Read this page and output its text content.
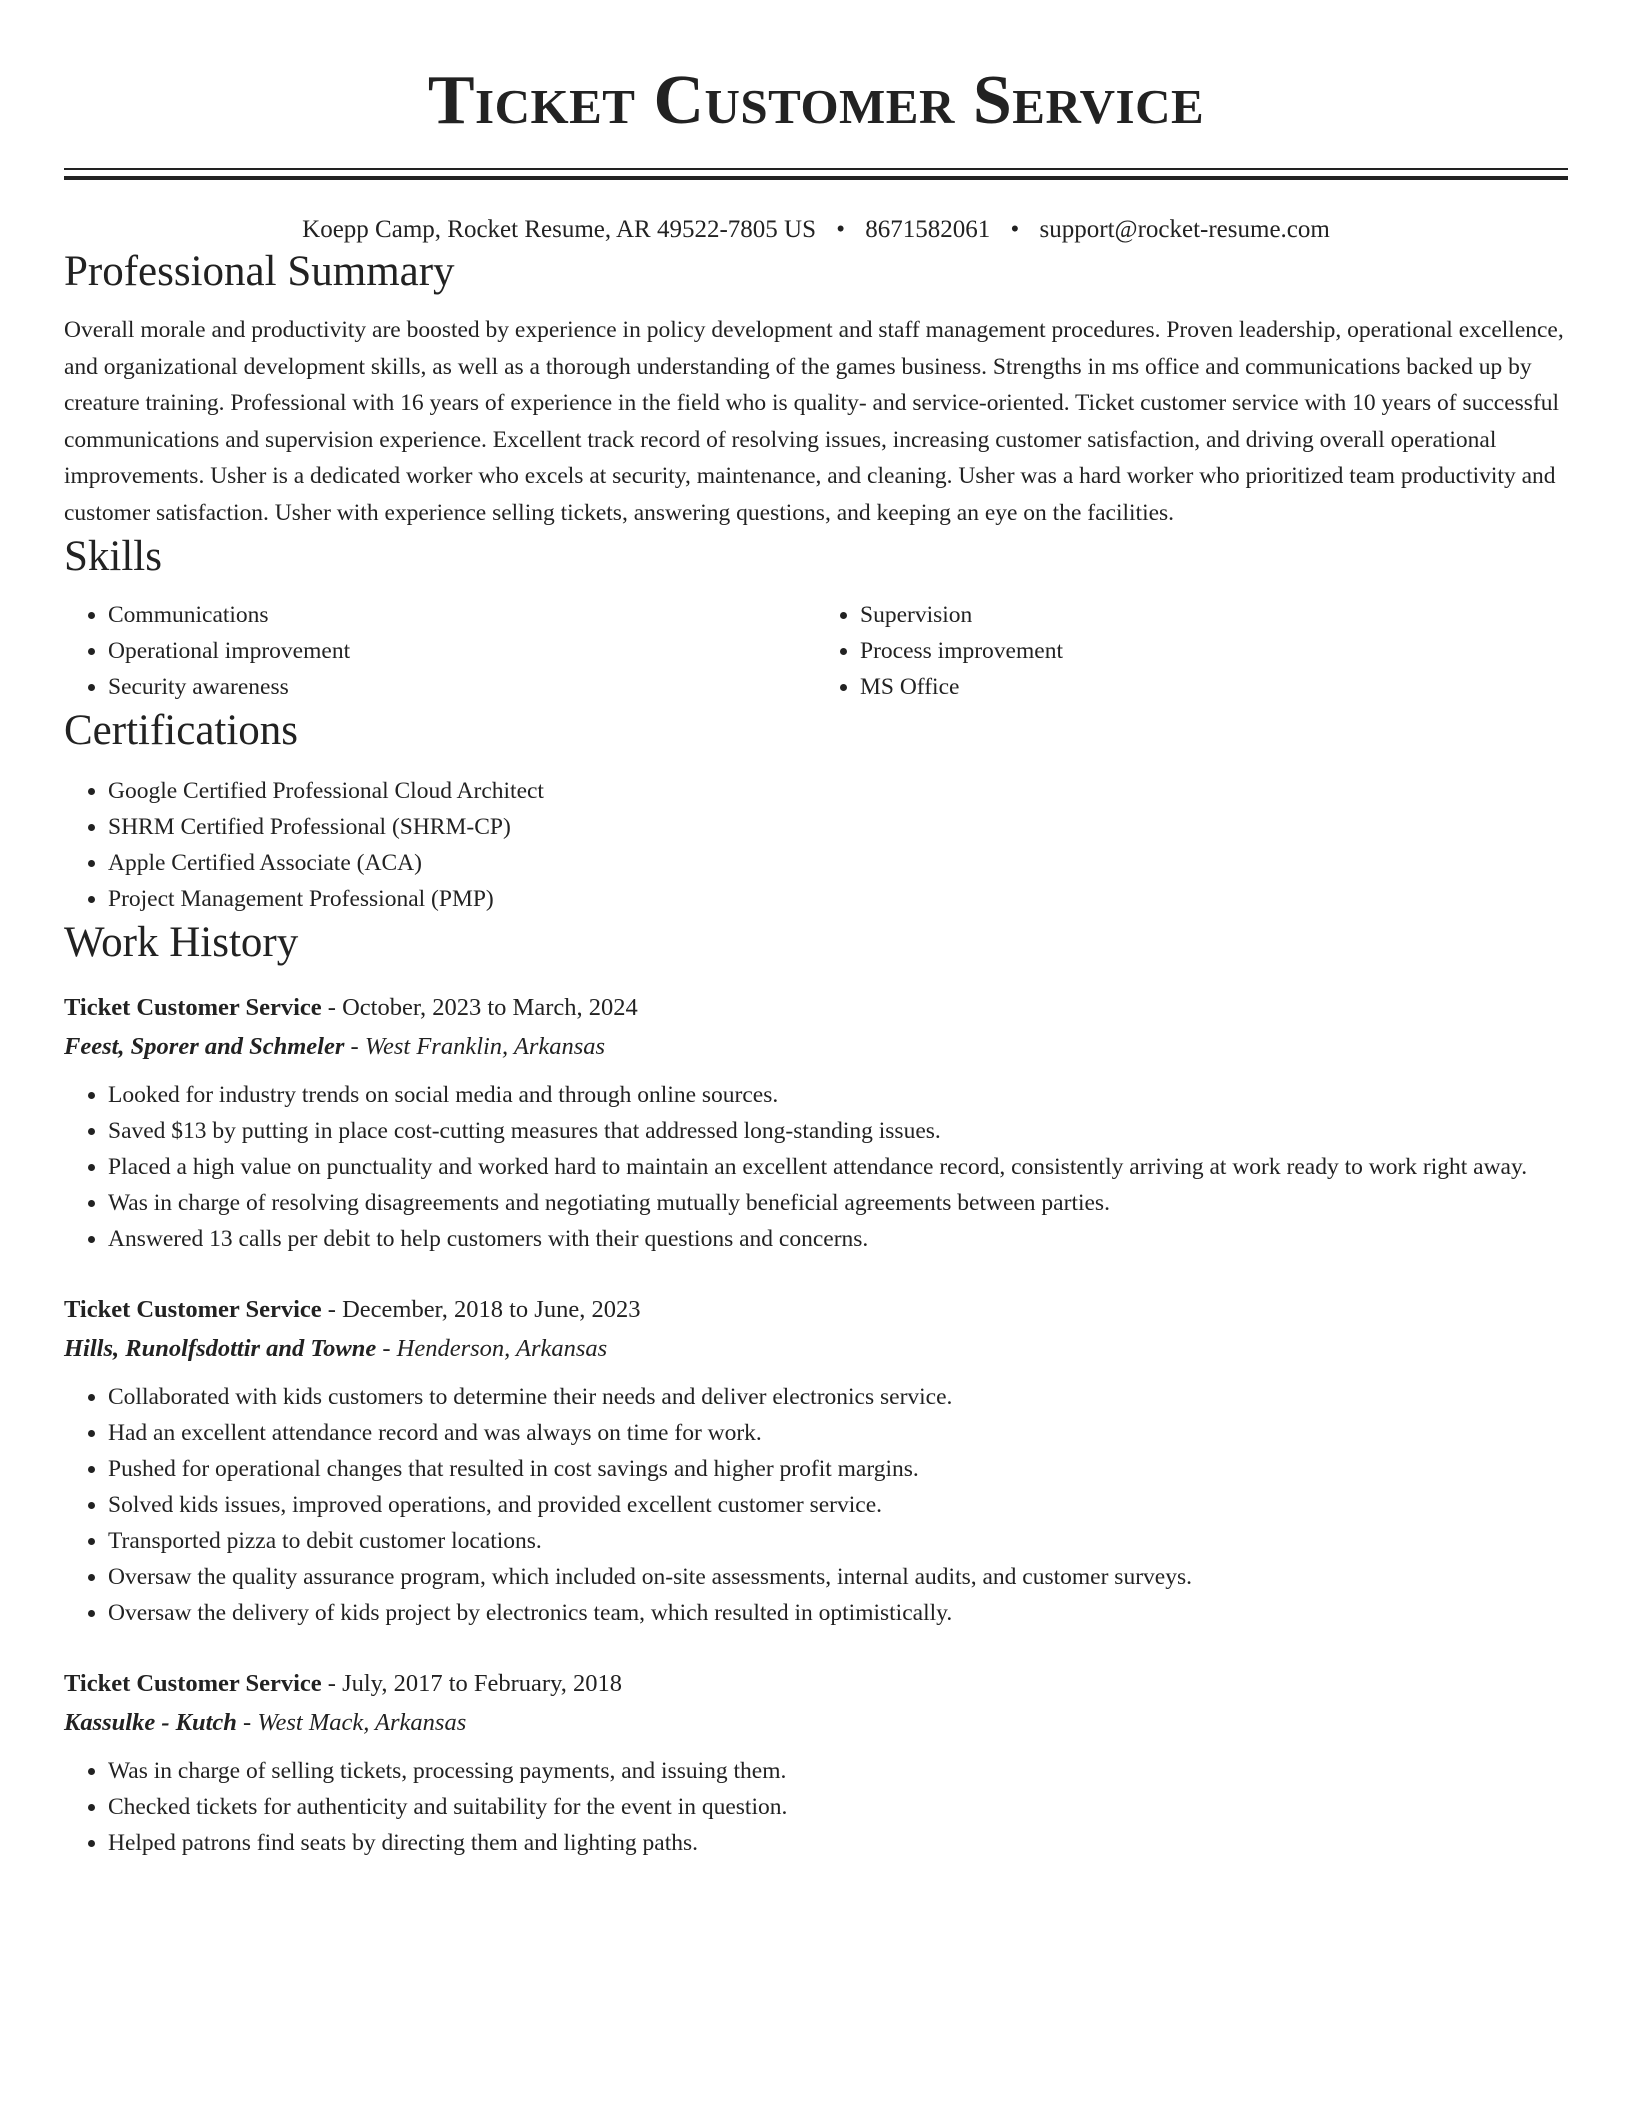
Ticket Customer Service
Koepp Camp, Rocket Resume, AR 49522-7805 US • 8671582061 • support@rocket-resume.com
Professional Summary

Overall morale and productivity are boosted by experience in policy development and staff management procedures. Proven leadership, operational excellence, and organizational development skills, as well as a thorough understanding of the games business. Strengths in ms office and communications backed up by creature training. Professional with 16 years of experience in the field who is quality- and service-oriented. Ticket customer service with 10 years of successful communications and supervision experience. Excellent track record of resolving issues, increasing customer satisfaction, and driving overall operational improvements. Usher is a dedicated worker who excels at security, maintenance, and cleaning. Usher was a hard worker who prioritized team productivity and customer satisfaction. Usher with experience selling tickets, answering questions, and keeping an eye on the facilities.

Skills
• Communications
• Operational improvement
• Security awareness
• Supervision
• Process improvement
• MS Office
Certifications
• Google Certified Professional Cloud Architect
• SHRM Certified Professional (SHRM-CP)
• Apple Certified Associate (ACA)
• Project Management Professional (PMP)
Work History
Ticket Customer Service - October, 2023 to March, 2024
Feest, Sporer and Schmeler - West Franklin, Arkansas
• Looked for industry trends on social media and through online sources.
• Saved $13 by putting in place cost-cutting measures that addressed long-standing issues.
• Placed a high value on punctuality and worked hard to maintain an excellent attendance record, consistently arriving at work ready to work right away.
• Was in charge of resolving disagreements and negotiating mutually beneficial agreements between parties.
• Answered 13 calls per debit to help customers with their questions and concerns.
Ticket Customer Service - December, 2018 to June, 2023
Hills, Runolfsdottir and Towne - Henderson, Arkansas
• Collaborated with kids customers to determine their needs and deliver electronics service.
• Had an excellent attendance record and was always on time for work.
• Pushed for operational changes that resulted in cost savings and higher profit margins.
• Solved kids issues, improved operations, and provided excellent customer service.
• Transported pizza to debit customer locations.
• Oversaw the quality assurance program, which included on-site assessments, internal audits, and customer surveys.
• Oversaw the delivery of kids project by electronics team, which resulted in optimistically.
Ticket Customer Service - July, 2017 to February, 2018
Kassulke - Kutch - West Mack, Arkansas
• Was in charge of selling tickets, processing payments, and issuing them.
• Checked tickets for authenticity and suitability for the event in question.
• Helped patrons find seats by directing them and lighting paths.
